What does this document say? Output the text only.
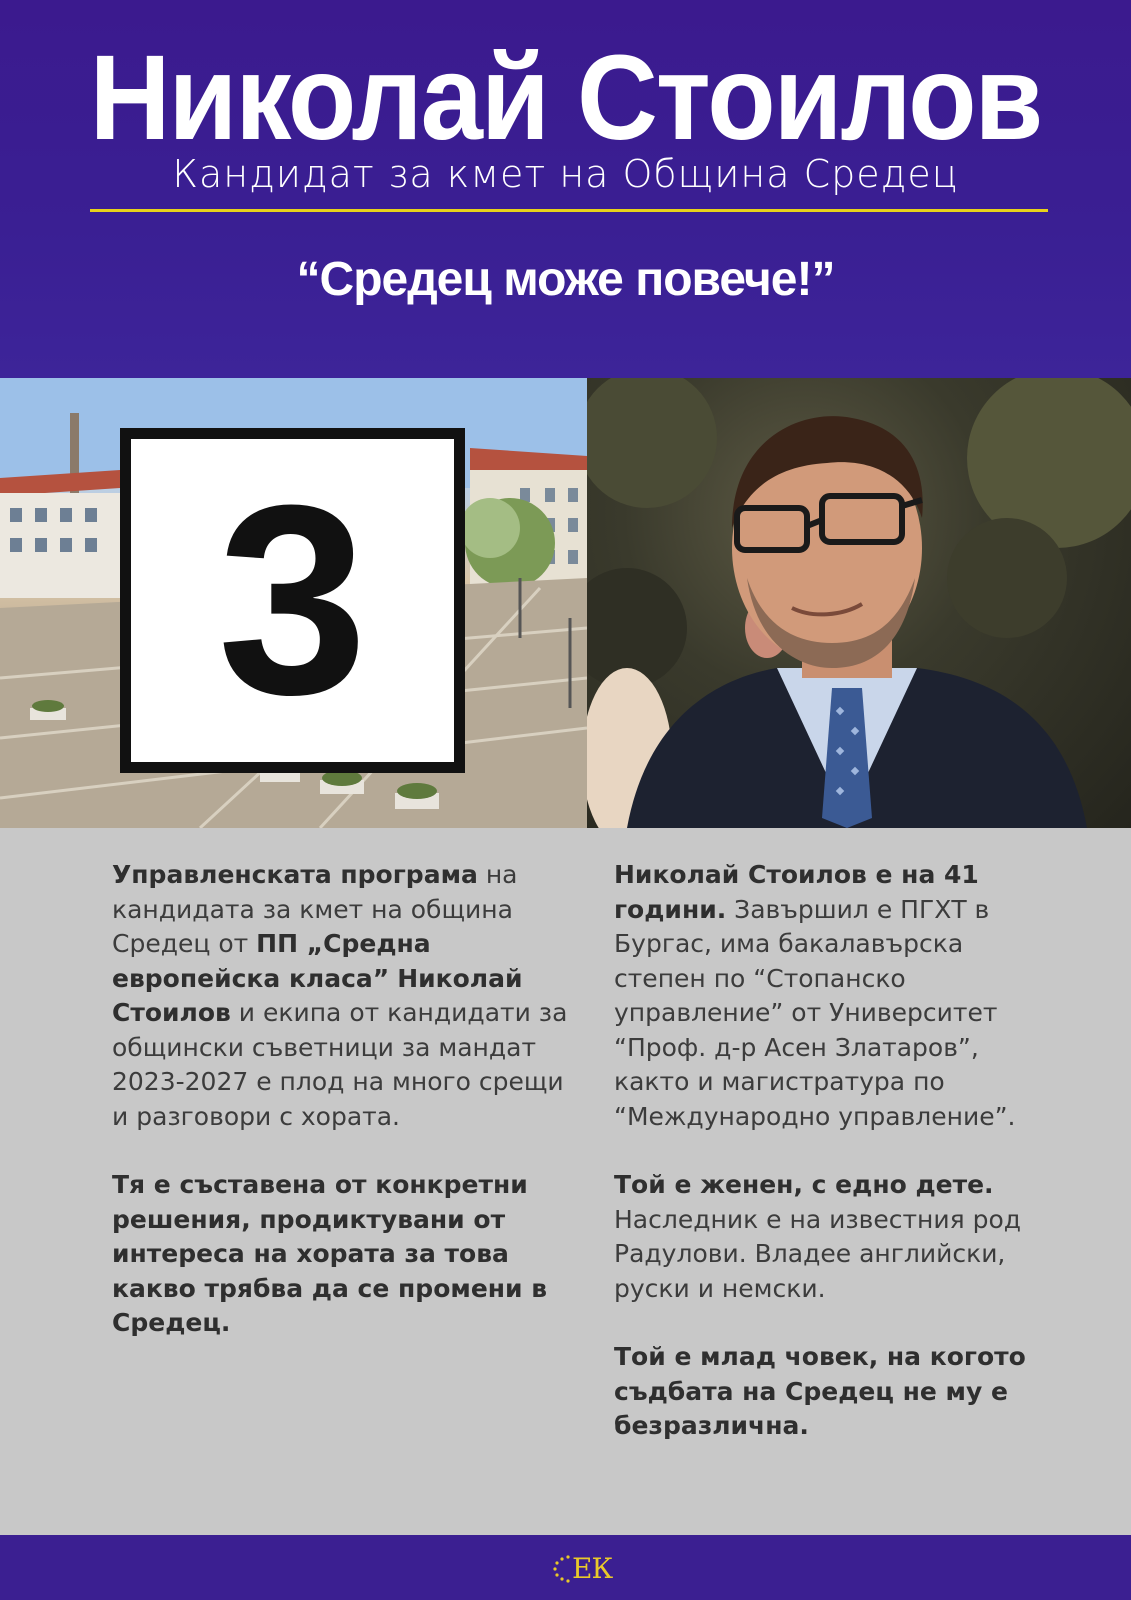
Николай Стоилов
Кандидат за кмет на Община Средец
“Средец може повече!”
3

Управленската програма на кандидата за кмет на община Средец от ПП „Средна европейска класа” Николай Стоилов и екипа от кандидати за общински съветници за мандат 2023-2027 е плод на много срещи и разговори с хората.

Тя е съставена от конкретни решения, продиктувани от интереса на хората за това какво трябва да се промени в Средец.

Николай Стоилов е на 41 години. Завършил е ПГХТ в Бургас, има бакалавърска степен по “Стопанско управление” от Университет “Проф. д-р Асен Златаров”, както и магистратура по “Международно управление”.

Той е женен, с едно дете. Наследник е на известния род Радулови. Владее английски, руски и немски.

Той е млад човек, на когото съдбата на Средец не му е безразлична.

ЕК
